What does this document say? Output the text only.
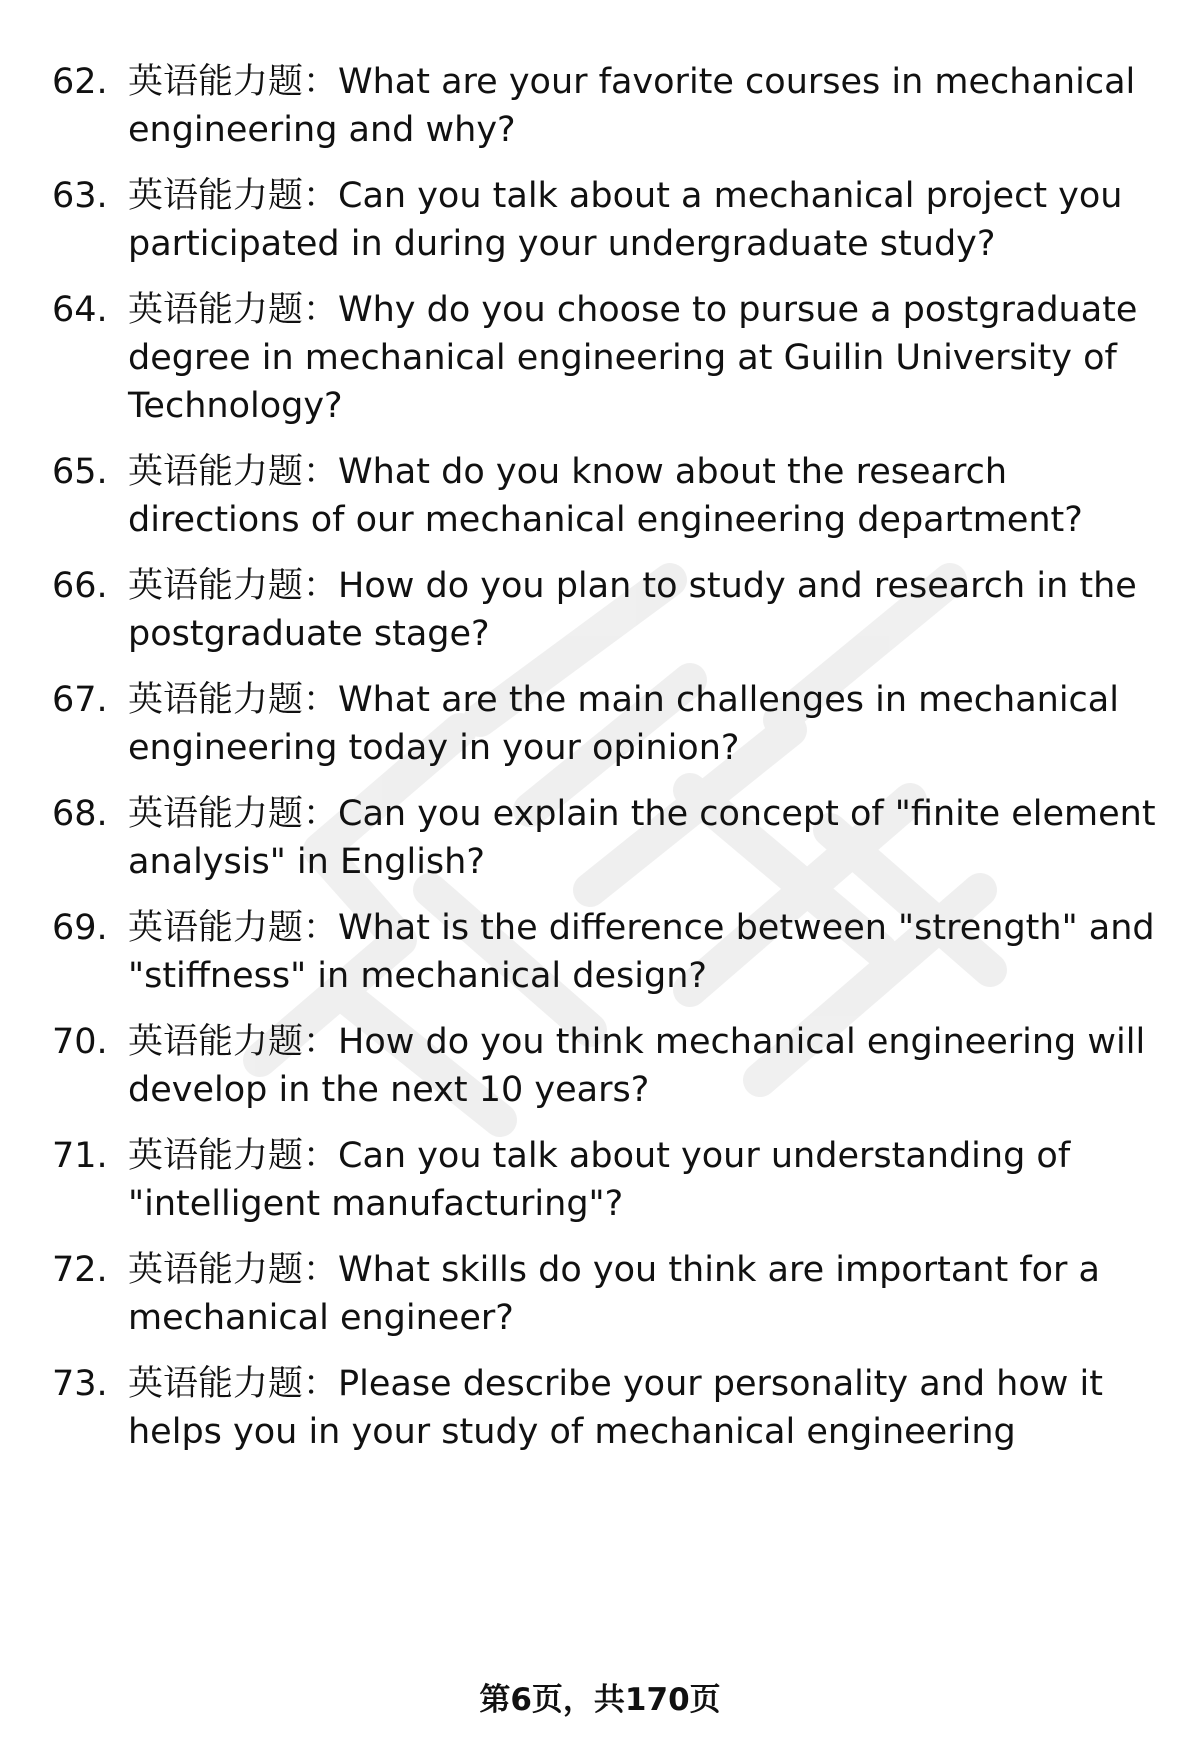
62. 英语能力题：What are your favorite courses in mechanical engineering and why?
63. 英语能力题：Can you talk about a mechanical project you participated in during your undergraduate study?
64. 英语能力题：Why do you choose to pursue a postgraduate degree in mechanical engineering at Guilin University of Technology?
65. 英语能力题：What do you know about the research directions of our mechanical engineering department?
66. 英语能力题：How do you plan to study and research in the postgraduate stage?
67. 英语能力题：What are the main challenges in mechanical engineering today in your opinion?
68. 英语能力题：Can you explain the concept of "finite element analysis" in English?
69. 英语能力题：What is the difference between "strength" and "stiffness" in mechanical design?
70. 英语能力题：How do you think mechanical engineering will develop in the next 10 years?
71. 英语能力题：Can you talk about your understanding of "intelligent manufacturing"?
72. 英语能力题：What skills do you think are important for a mechanical engineer?
73. 英语能力题：Please describe your personality and how it helps you in your study of mechanical engineering
第6页，共170页
